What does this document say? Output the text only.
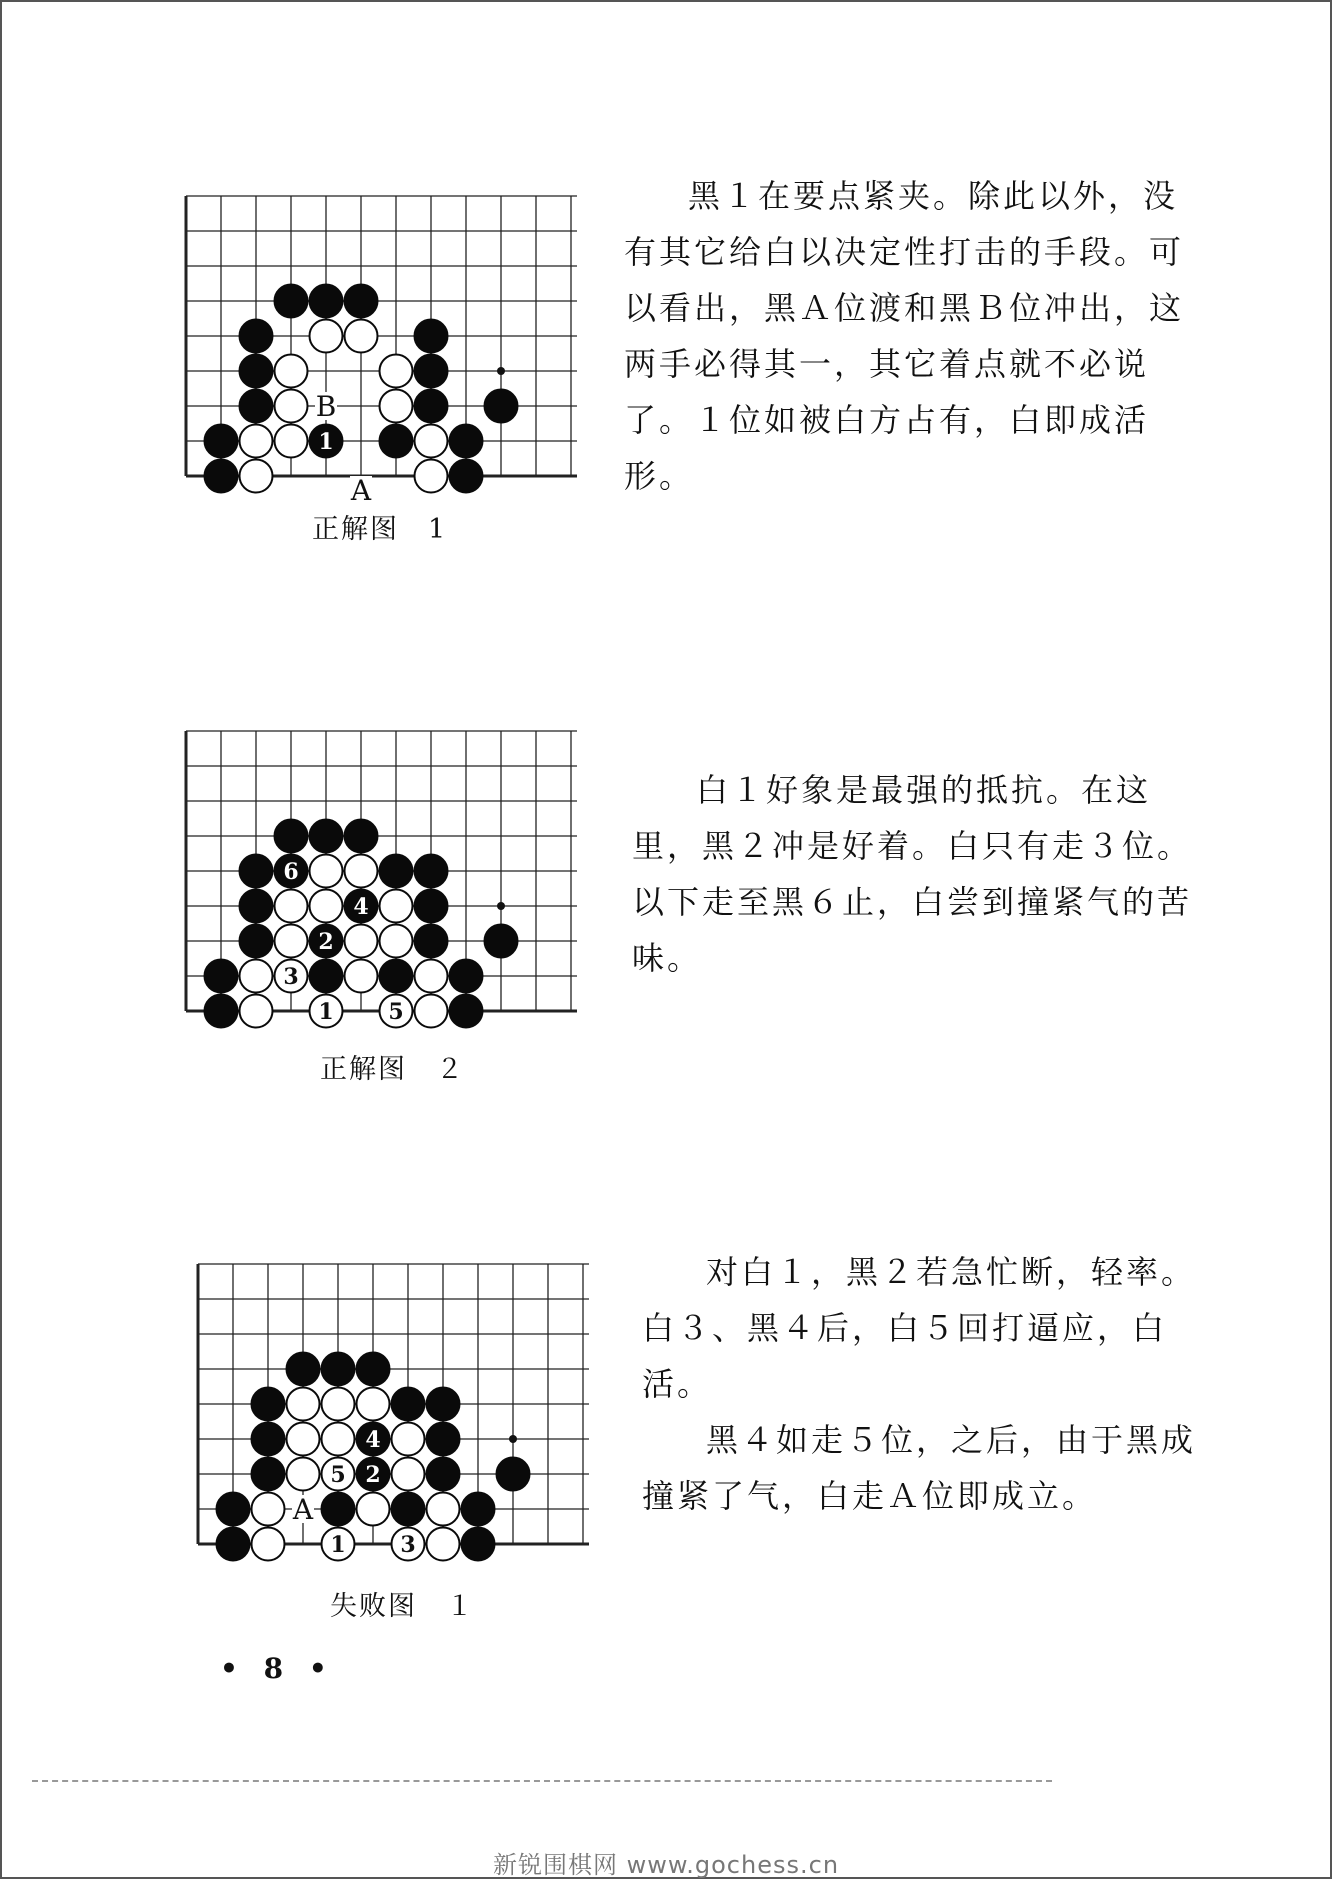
B
A
1
正解图　1

黑１在要点紧夹。除此以外，没有其它给白以决定性打击的手段。可以看出，黑Ａ位渡和黑Ｂ位冲出，这两手必得其一，其它着点就不必说了。１位如被白方占有，白即成活形。

6
4
2
3
1 5
正解图　２

白１好象是最强的抵抗。在这里，黑２冲是好着。白只有走３位。以下走至黑６止，白尝到撞紧气的苦味。

A
4
5 2
1 3
失败图　１

对白１，黑２若急忙断，轻率。白３、黑４后，白５回打逼应，白活。

黑４如走５位，之后，由于黑成撞紧了气，白走Ａ位即成立。

• 8 •
新锐围棋网 www.gochess.cn
